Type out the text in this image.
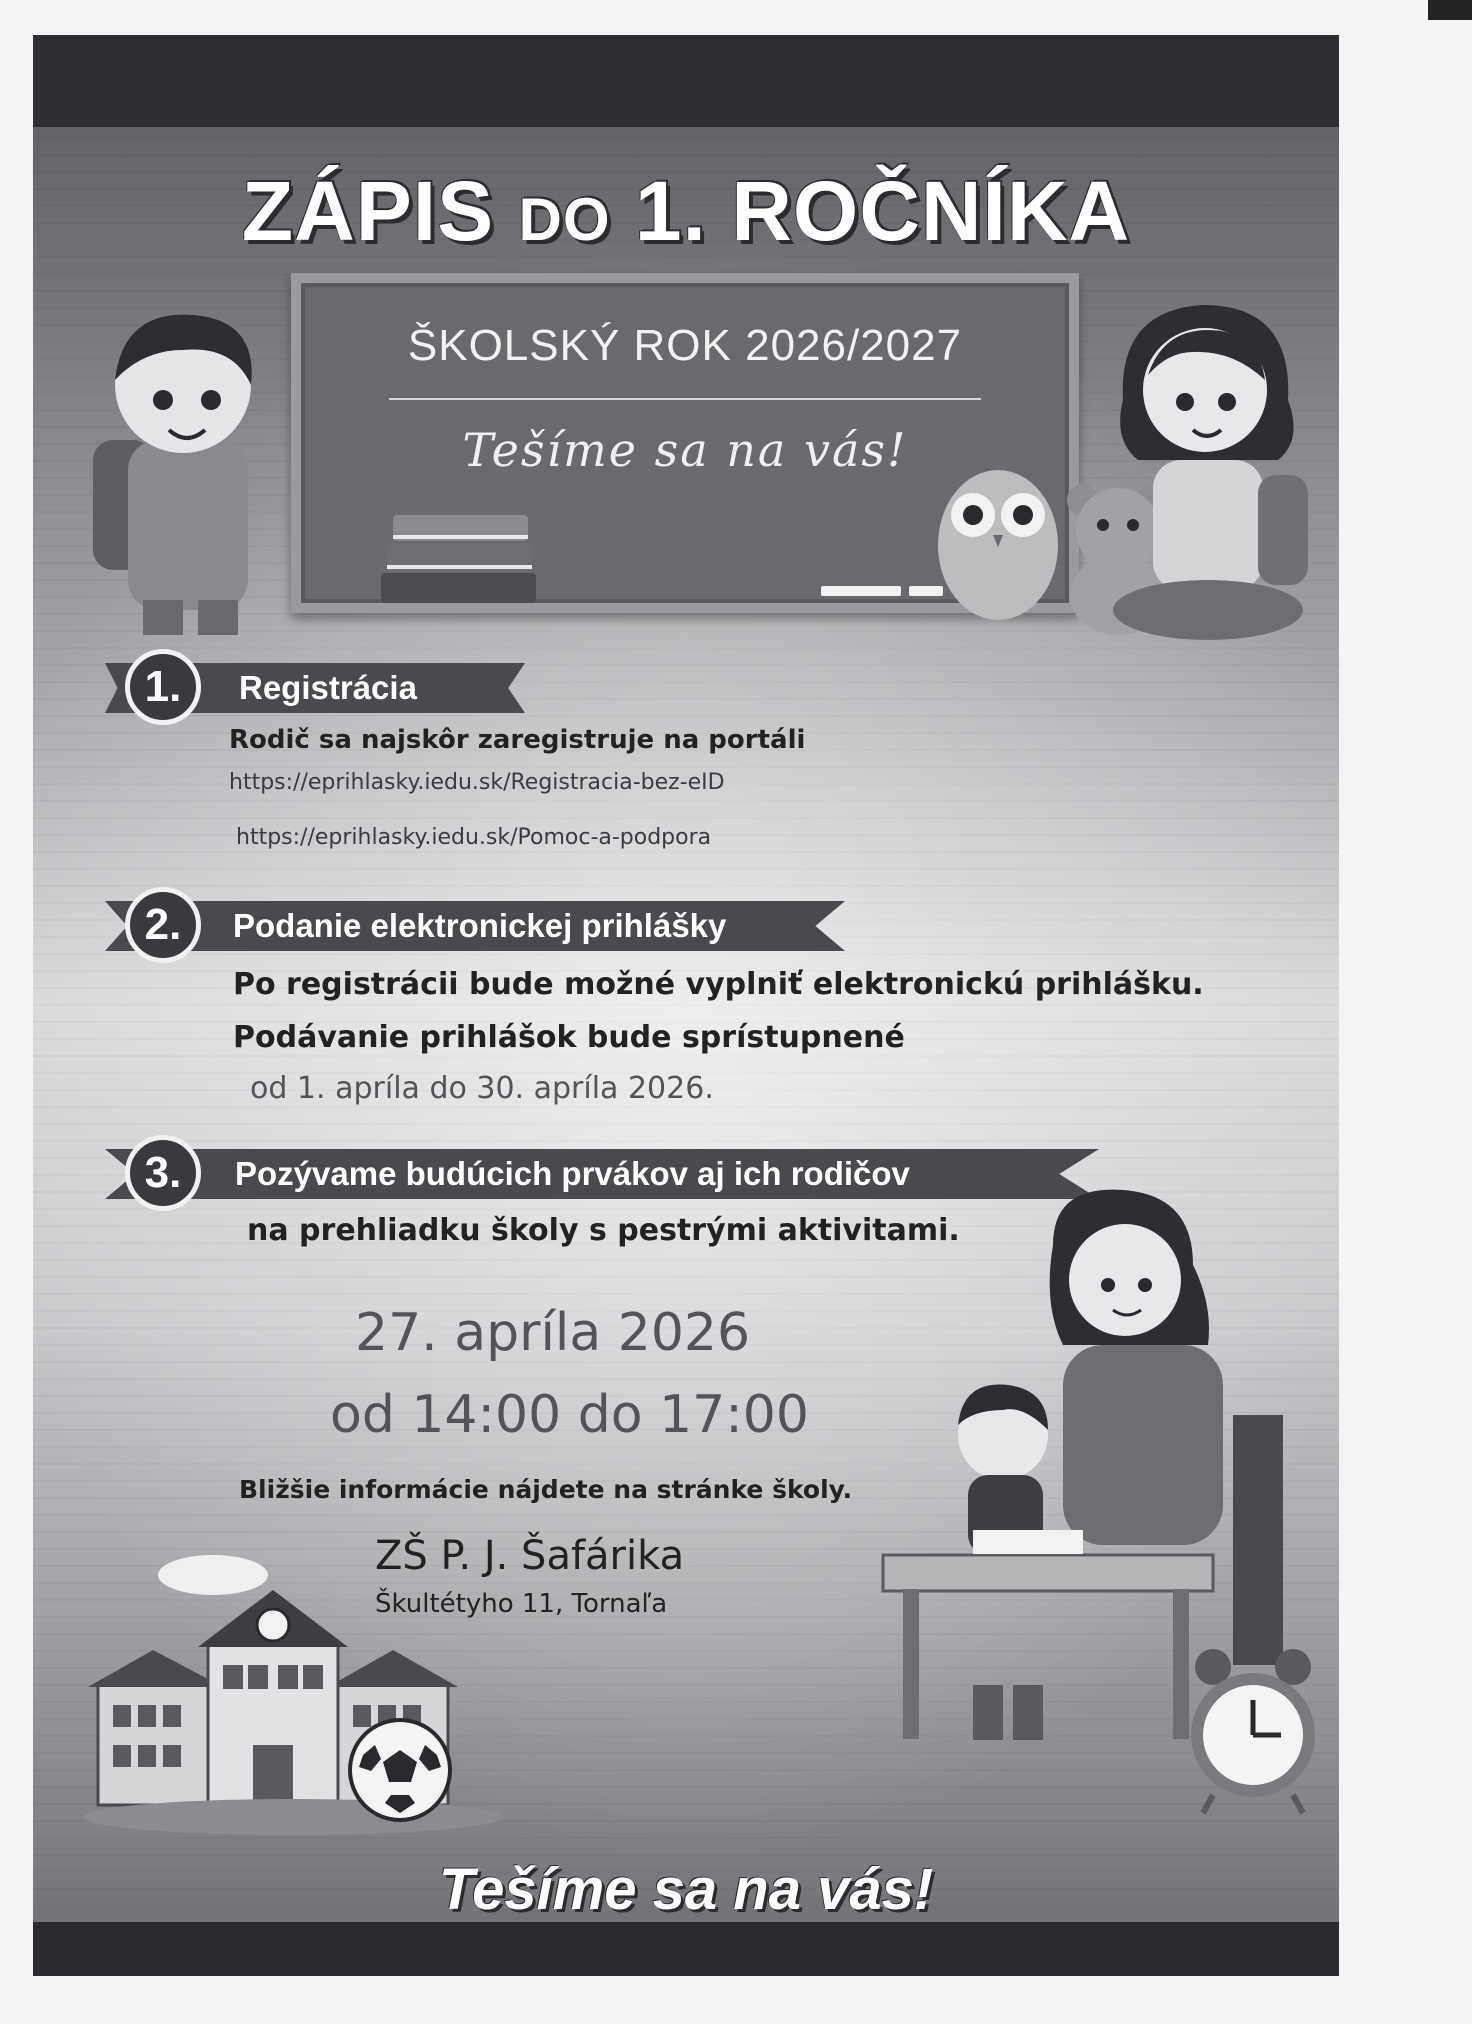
ZÁPIS DO 1. ROČNÍKA
ŠKOLSKÝ ROK 2026/2027
Tešíme sa na vás!
1.	Registrácia
Rodič sa najskôr zaregistruje na portáli
https://eprihlasky.iedu.sk/Registracia-bez-eID
https://eprihlasky.iedu.sk/Pomoc-a-podpora
2.	Podanie elektronickej prihlášky
Po registrácii bude možné vyplniť elektronickú prihlášku.
Podávanie prihlášok bude sprístupnené
od 1. apríla do 30. apríla 2026.
3.	Pozývame budúcich prvákov aj ich rodičov
na prehliadku školy s pestrými aktivitami.
27. apríla 2026
od 14:00 do 17:00
Bližšie informácie nájdete na stránke školy.
ZŠ P. J. Šafárika
Škultétyho 11, Tornaľa
Tešíme sa na vás!
